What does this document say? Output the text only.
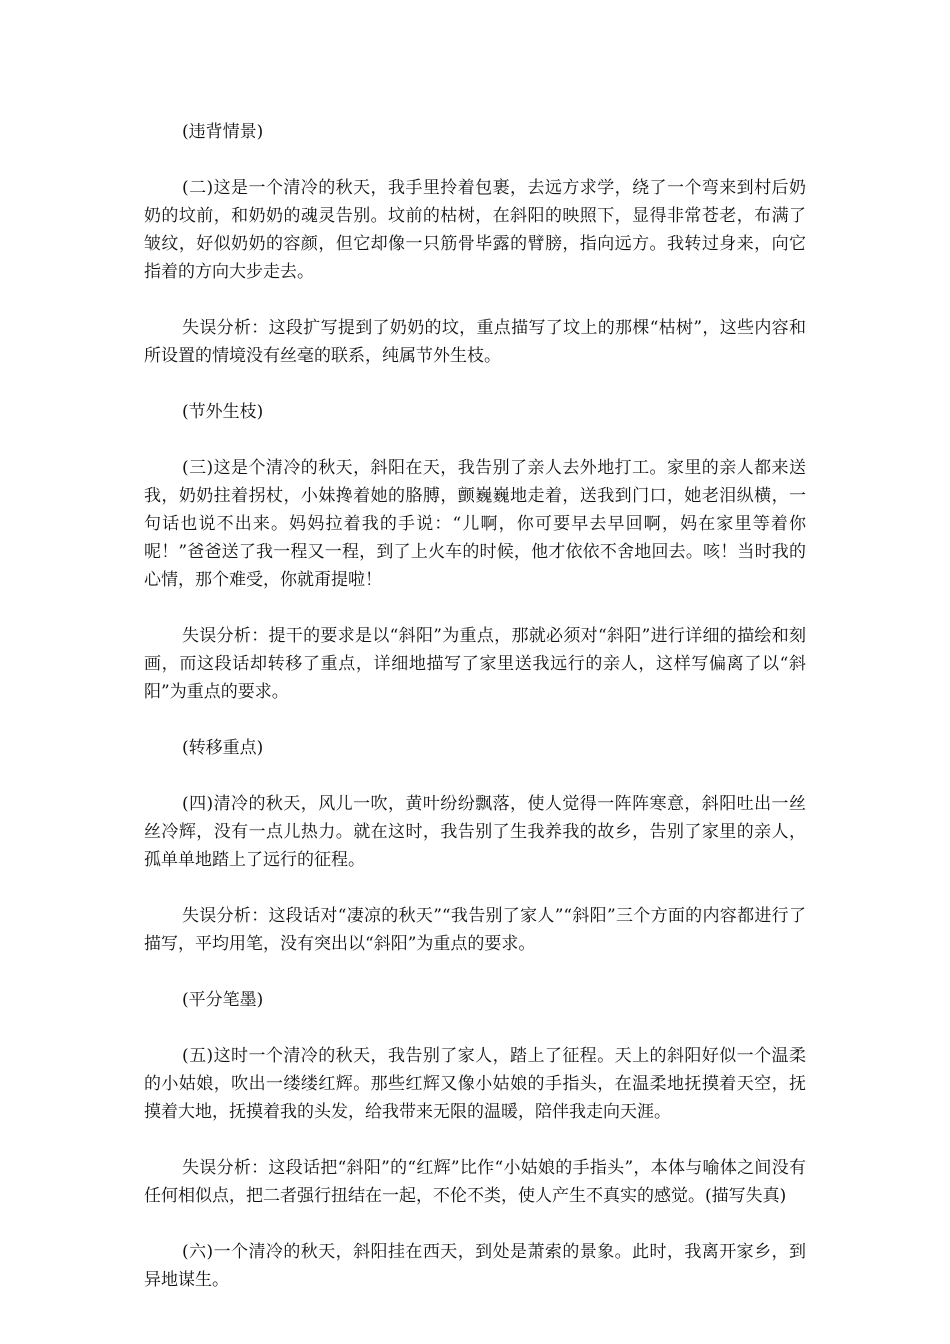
(违背情景)

(二)这是一个清冷的秋天，我手里拎着包裹，去远方求学，绕了一个弯来到村后奶奶的坟前，和奶奶的魂灵告别。坟前的枯树，在斜阳的映照下，显得非常苍老，布满了皱纹，好似奶奶的容颜，但它却像一只筋骨毕露的臂膀，指向远方。我转过身来，向它指着的方向大步走去。

失误分析：这段扩写提到了奶奶的坟，重点描写了坟上的那棵“枯树”，这些内容和所设置的情境没有丝毫的联系，纯属节外生枝。

(节外生枝)

(三)这是个清冷的秋天，斜阳在天，我告别了亲人去外地打工。家里的亲人都来送我，奶奶拄着拐杖，小妹搀着她的胳膊，颤巍巍地走着，送我到门口，她老泪纵横，一句话也说不出来。妈妈拉着我的手说：“儿啊，你可要早去早回啊，妈在家里等着你呢！”爸爸送了我一程又一程，到了上火车的时候，他才依依不舍地回去。咳！当时我的心情，那个难受，你就甭提啦！

失误分析：提干的要求是以“斜阳”为重点，那就必须对“斜阳”进行详细的描绘和刻画，而这段话却转移了重点，详细地描写了家里送我远行的亲人，这样写偏离了以“斜阳”为重点的要求。

(转移重点)

(四)清冷的秋天，风儿一吹，黄叶纷纷飘落，使人觉得一阵阵寒意，斜阳吐出一丝丝冷辉，没有一点儿热力。就在这时，我告别了生我养我的故乡，告别了家里的亲人，孤单单地踏上了远行的征程。

失误分析：这段话对“凄凉的秋天”“我告别了家人”“斜阳”三个方面的内容都进行了描写，平均用笔，没有突出以“斜阳”为重点的要求。

(平分笔墨)

(五)这时一个清冷的秋天，我告别了家人，踏上了征程。天上的斜阳好似一个温柔的小姑娘，吹出一缕缕红辉。那些红辉又像小姑娘的手指头，在温柔地抚摸着天空，抚摸着大地，抚摸着我的头发，给我带来无限的温暖，陪伴我走向天涯。

失误分析：这段话把“斜阳”的“红辉”比作“小姑娘的手指头”，本体与喻体之间没有任何相似点，把二者强行扭结在一起，不伦不类，使人产生不真实的感觉。(描写失真)

(六)一个清冷的秋天，斜阳挂在西天，到处是萧索的景象。此时，我离开家乡，到异地谋生。
